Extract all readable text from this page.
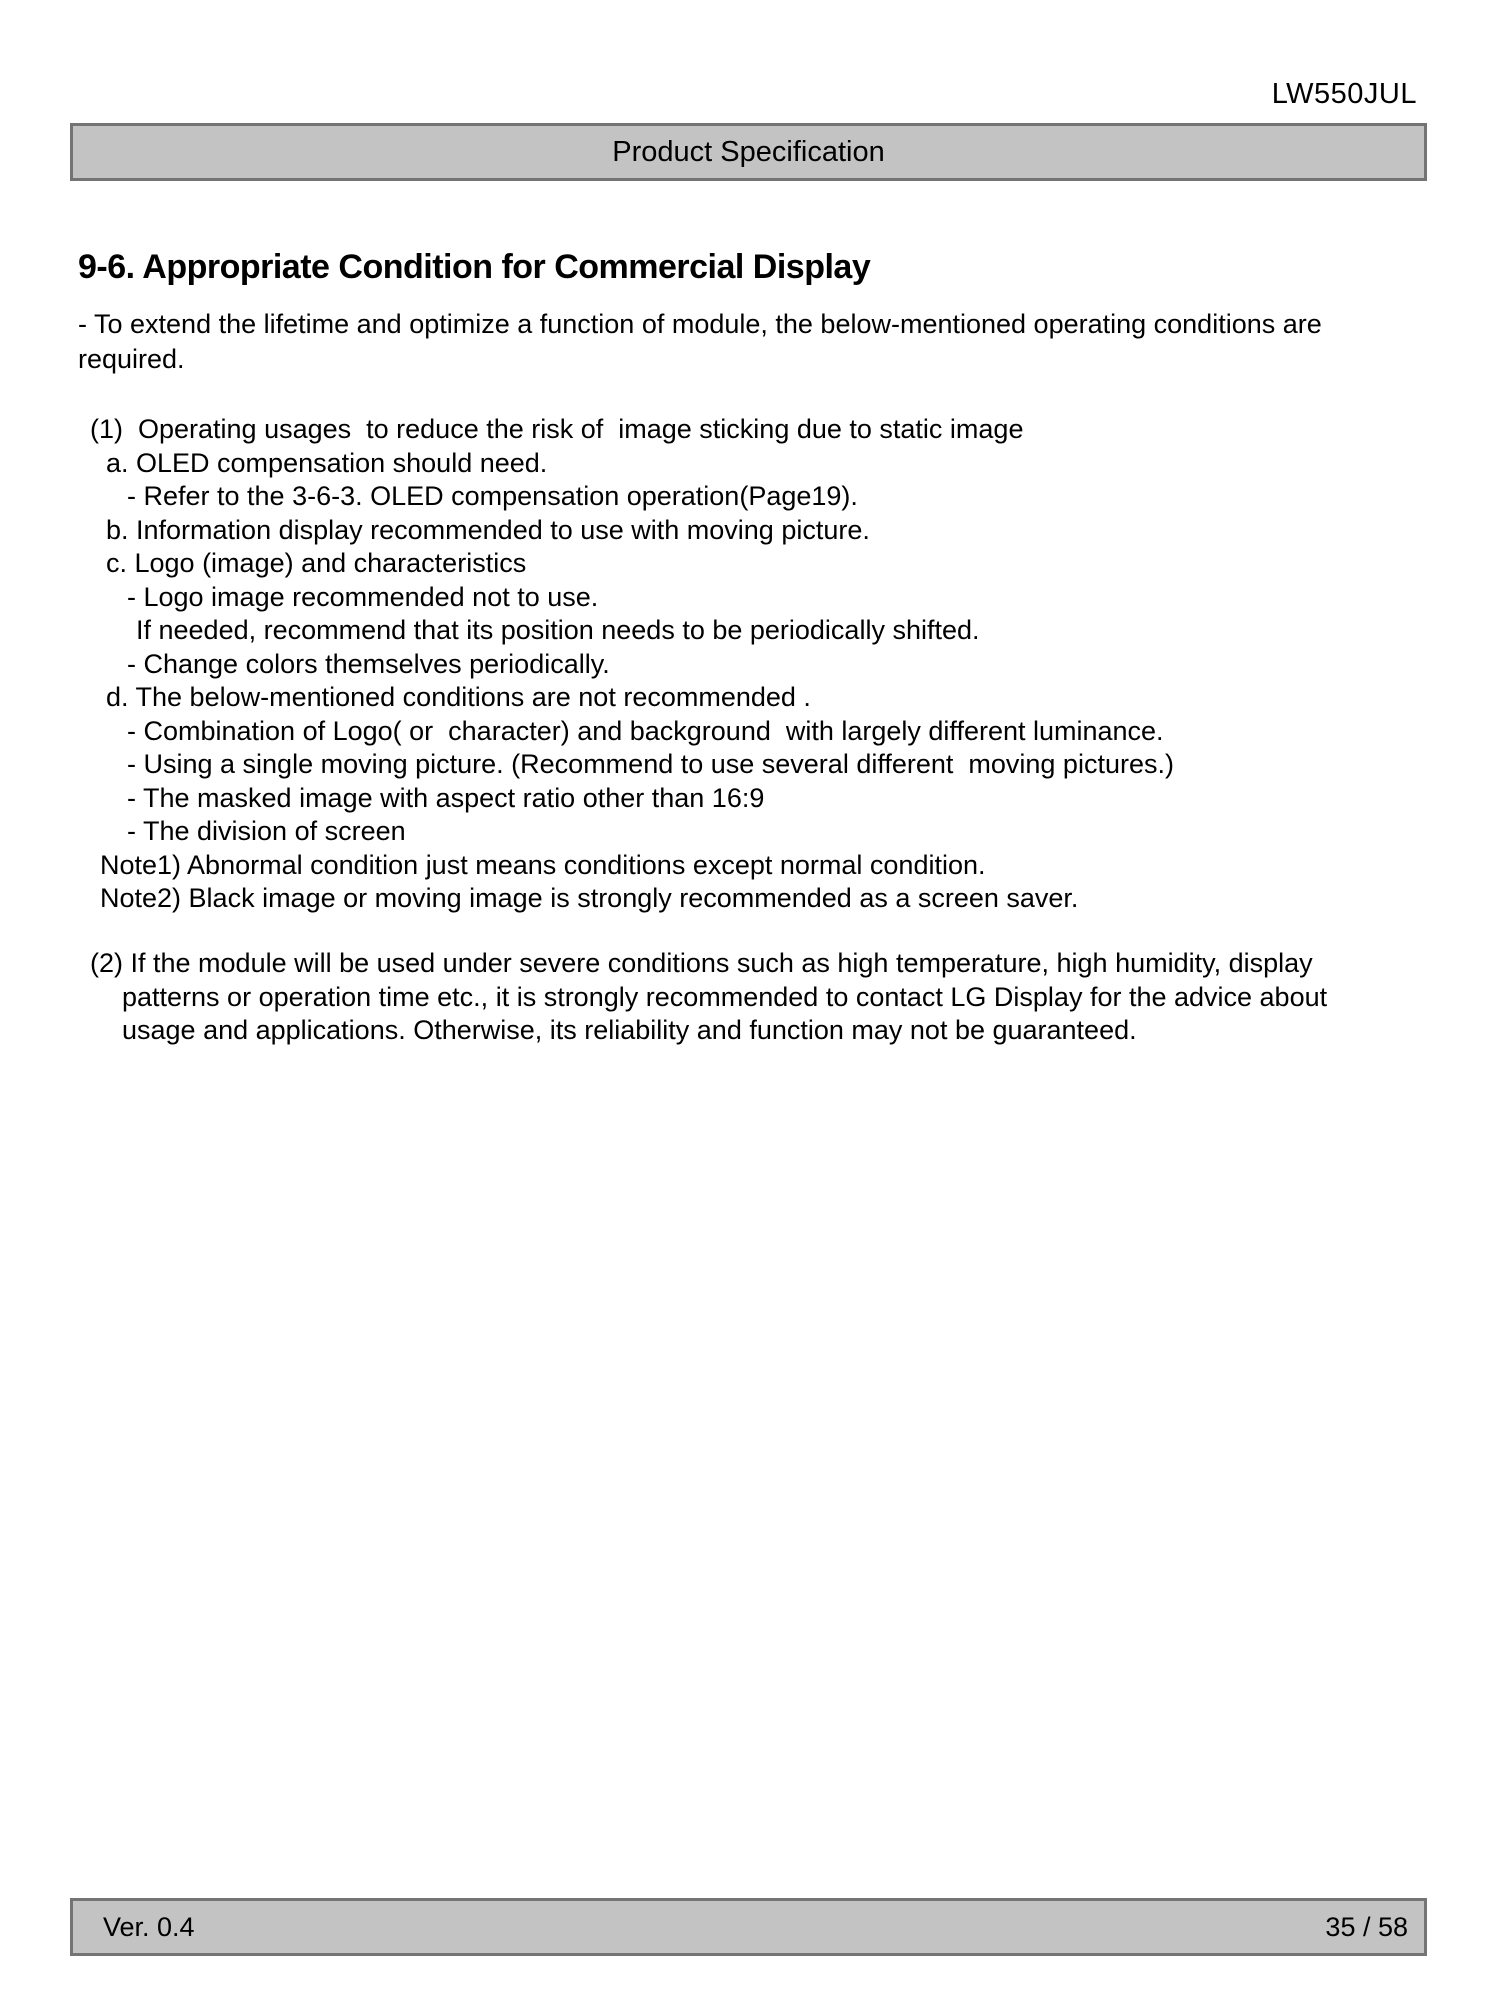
LW550JUL
Product Specification
9-6. Appropriate Condition for Commercial Display
- To extend the lifetime and optimize a function of module, the below-mentioned operating conditions are
required.
(1)  Operating usages  to reduce the risk of  image sticking due to static image
a. OLED compensation should need.
- Refer to the 3-6-3. OLED compensation operation(Page19).
b. Information display recommended to use with moving picture.
c. Logo (image) and characteristics
- Logo image recommended not to use.
If needed, recommend that its position needs to be periodically shifted.
- Change colors themselves periodically.
d. The below-mentioned conditions are not recommended .
- Combination of Logo( or  character) and background  with largely different luminance.
- Using a single moving picture. (Recommend to use several different  moving pictures.)
- The masked image with aspect ratio other than 16:9
- The division of screen
Note1) Abnormal condition just means conditions except normal condition.
Note2) Black image or moving image is strongly recommended as a screen saver.
(2) If the module will be used under severe conditions such as high temperature, high humidity, display
patterns or operation time etc., it is strongly recommended to contact LG Display for the advice about
usage and applications. Otherwise, its reliability and function may not be guaranteed.
Ver. 0.4	35 / 58
